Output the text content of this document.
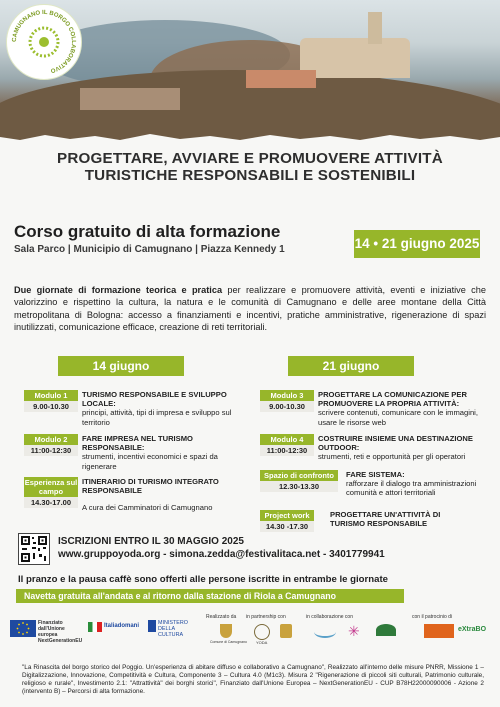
CAMUGNANO IL BORGO COLLABORATIVO
PROGETTARE, AVVIARE E PROMUOVERE ATTIVITÀ
TURISTICHE RESPONSABILI E SOSTENIBILI
Corso gratuito di alta formazione
Sala Parco | Municipio di Camugnano | Piazza Kennedy 1	14 • 21 giugno 2025
Due giornate di formazione teorica e pratica per realizzare e promuovere attività, eventi e iniziative che valorizzino e rispettino la cultura, la natura e le comunità di Camugnano e delle aree montane della Città metropolitana di Bologna: accesso a finanziamenti e incentivi, pratiche amministrative, rigenerazione di spazi inutilizzati, comunicazione efficace, creazione di reti territoriali.
14 giugno
Modulo 1
9.00-10.30
TURISMO RESPONSABILE E SVILUPPO LOCALE:
principi, attività, tipi di impresa e sviluppo sul territorio
Modulo 2
11:00-12:30
FARE IMPRESA NEL TURISMO RESPONSABILE:
strumenti, incentivi economici e spazi da rigenerare
Esperienza sul campo
14.30-17.00
ITINERARIO DI TURISMO INTEGRATO RESPONSABILE
A cura dei Camminatori di Camugnano
21 giugno
Modulo 3
9.00-10.30
PROGETTARE LA COMUNICAZIONE PER PROMUOVERE LA PROPRIA ATTIVITÀ:
scrivere contenuti, comunicare con le immagini, usare le risorse web
Modulo 4
11:00-12:30
COSTRUIRE INSIEME UNA DESTINAZIONE OUTDOOR:
strumenti, reti e opportunità per gli operatori
Spazio di confronto
12.30-13.30
FARE SISTEMA:
rafforzare il dialogo tra amministrazioni comunità e attori territoriali
Project work
14.30 -17.30
PROGETTARE UN'ATTIVITÀ DI TURISMO RESPONSABILE
ISCRIZIONI ENTRO IL 30 MAGGIO 2025
www.gruppoyoda.org - simona.zedda@festivalitaca.net - 3401779941
Il pranzo e la pausa caffè sono offerti alle persone iscritte in entrambe le giornate
Navetta gratuita all'andata e al ritorno dalla stazione di Riola a Camugnano
Finanziato dall'Unione europea NextGenerationEU
Italiadomani	MINISTERO DELLA CULTURA
Realizzato da
Comune di Camugnano
in partnership con
YODA
in collaborazione con
✳
con il patrocinio di
eXtraBO
"La Rinascita del borgo storico del Poggio. Un'esperienza di abitare diffuso e collaborativo a Camugnano", Realizzato all'interno delle misure PNRR, Missione 1 – Digitalizzazione, Innovazione, Competitività e Cultura, Componente 3 – Cultura 4.0 (M1c3). Misura 2 "Rigenerazione di piccoli siti culturali, Patrimonio culturale, religioso e rurale", Investimento 2.1: "Attrattività" dei borghi storici", Finanziato dall'Unione Europea – NextGenerationEU - CUP B78H22000090006 - Azione 2 (intervento B) – Percorsi di alta formazione.
